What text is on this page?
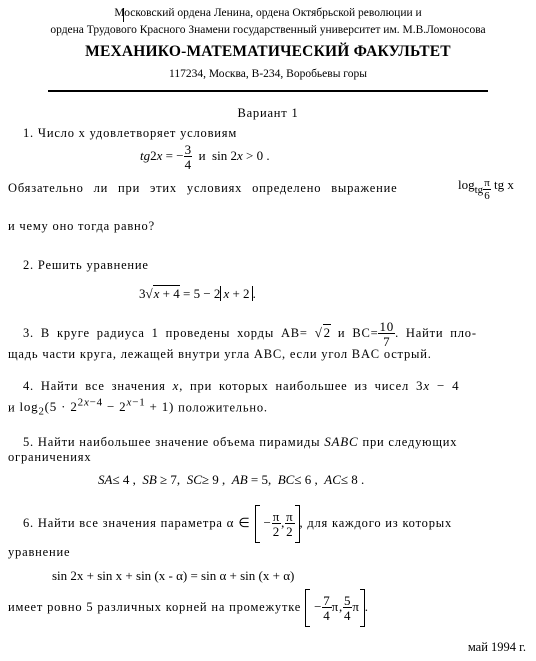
Московский ордена Ленина, ордена Октябрьской революции и
ордена Трудового Красного Знамени государственный университет им. М.В.Ломоносова
МЕХАНИКО-МАТЕМАТИЧЕСКИЙ ФАКУЛЬТЕТ
117234, Москва, В-234, Воробьевы горы
Вариант 1
1. Число x удовлетворяет условиям
tg2x = − $\frac{3}{4}$ и  sin 2x > 0 .
Обязательно ли при этих условиях определено выражение	$\log_{tg \frac{\pi}{6}}$ tg x
и чему оно тогда равно?
2. Решить уравнение
3√x + 4 = 5 − 2 x + 2 .
3. В круге радиуса 1 проведены хорды AB= √2 и $BC= \frac{10}{7}$ . Найти пло-
щадь части круга, лежащей внутри угла ABC, если угол BAC острый.
4. Найти все значения x, при которых наибольшее из чисел 3x − 4
и $\log_2(5 \cdot 2^{2x-4} - 2^{x-1} + 1)$ положительно.
5. Найти наибольшее значение объема пирамиды SABC при следующих
ограничениях
SA≤ 4 ,  SB ≥ 7,  SC≥ 9 ,  AB = 5,  BC≤ 6 ,  AC≤ 8 .
6. Найти все значения параметра α ∈  − $\frac{\pi}{2}$ , $\frac{\pi}{2}$ , для каждого из которых
уравнение
sin 2x + sin x + sin (x - α) = sin α + sin (x + α)
имеет ровно 5 различных корней на промежутке  − $\frac{7}{4} \pi$, $\frac{5}{4}$ π .
май 1994 г.
